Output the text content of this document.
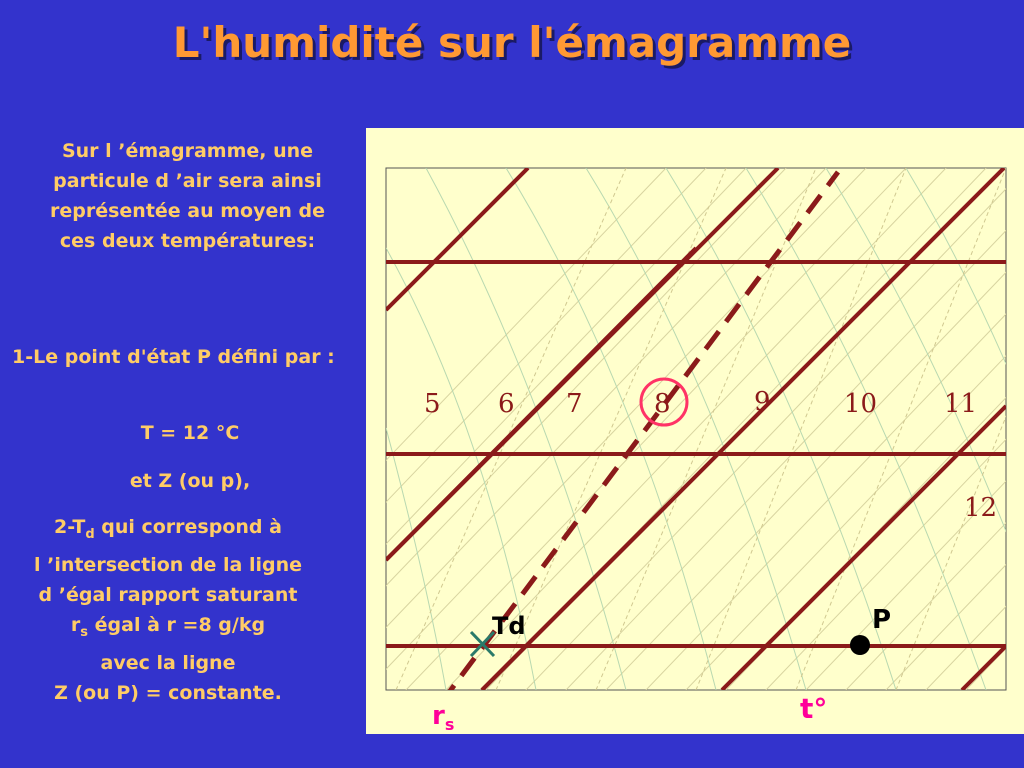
L'humidité sur l'émagramme
Sur l ’émagramme, une particule d ’air sera ainsi représentée au moyen de ces deux températures:
1-Le point d'état P défini par :
T = 12 °C
et Z (ou p),
$2-T_d$ qui correspond à
l ’intersection de la ligne
d ’égal rapport saturant
$r_s$ égal à r =8 g/kg
avec la ligne
Z (ou P) = constante.
5 6 7	8	9	10	11
12
Td	P
$r_s$	t°
